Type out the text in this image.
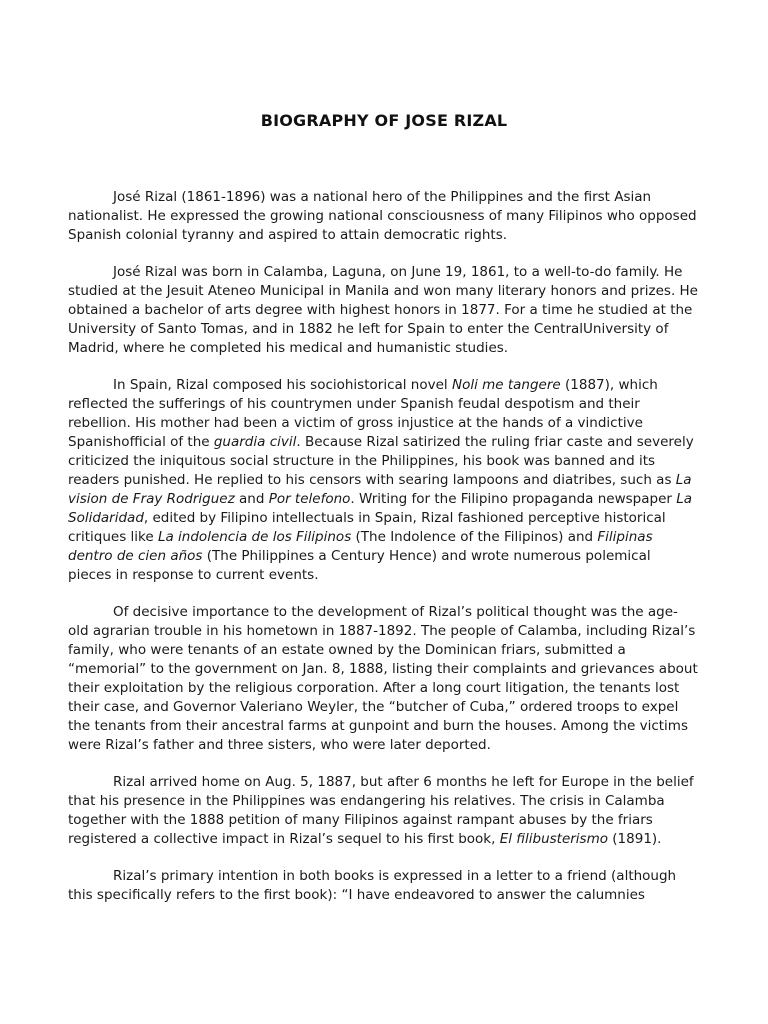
BIOGRAPHY OF JOSE RIZAL

José Rizal (1861-1896) was a national hero of the Philippines and the first Asian nationalist. He expressed the growing national consciousness of many Filipinos who opposed Spanish colonial tyranny and aspired to attain democratic rights.

José Rizal was born in Calamba, Laguna, on June 19, 1861, to a well-to-do family. He studied at the Jesuit Ateneo Municipal in Manila and won many literary honors and prizes. He obtained a bachelor of arts degree with highest honors in 1877. For a time he studied at the University of Santo Tomas, and in 1882 he left for Spain to enter the CentralUniversity of Madrid, where he completed his medical and humanistic studies.

In Spain, Rizal composed his sociohistorical novel Noli me tangere (1887), which reflected the sufferings of his countrymen under Spanish feudal despotism and their rebellion. His mother had been a victim of gross injustice at the hands of a vindictive Spanishofficial of the guardia civil. Because Rizal satirized the ruling friar caste and severely criticized the iniquitous social structure in the Philippines, his book was banned and its readers punished. He replied to his censors with searing lampoons and diatribes, such as La vision de Fray Rodriguez and Por telefono. Writing for the Filipino propaganda newspaper La Solidaridad, edited by Filipino intellectuals in Spain, Rizal fashioned perceptive historical critiques like La indolencia de los Filipinos (The Indolence of the Filipinos) and Filipinas dentro de cien años (The Philippines a Century Hence) and wrote numerous polemical pieces in response to current events.

Of decisive importance to the development of Rizal’s political thought was the age-old agrarian trouble in his hometown in 1887-1892. The people of Calamba, including Rizal’s family, who were tenants of an estate owned by the Dominican friars, submitted a “memorial” to the government on Jan. 8, 1888, listing their complaints and grievances about their exploitation by the religious corporation. After a long court litigation, the tenants lost their case, and Governor Valeriano Weyler, the “butcher of Cuba,” ordered troops to expel the tenants from their ancestral farms at gunpoint and burn the houses. Among the victims were Rizal’s father and three sisters, who were later deported.

Rizal arrived home on Aug. 5, 1887, but after 6 months he left for Europe in the belief that his presence in the Philippines was endangering his relatives. The crisis in Calamba together with the 1888 petition of many Filipinos against rampant abuses by the friars registered a collective impact in Rizal’s sequel to his first book, El filibusterismo (1891).

Rizal’s primary intention in both books is expressed in a letter to a friend (although this specifically refers to the first book): “I have endeavored to answer the calumnies
